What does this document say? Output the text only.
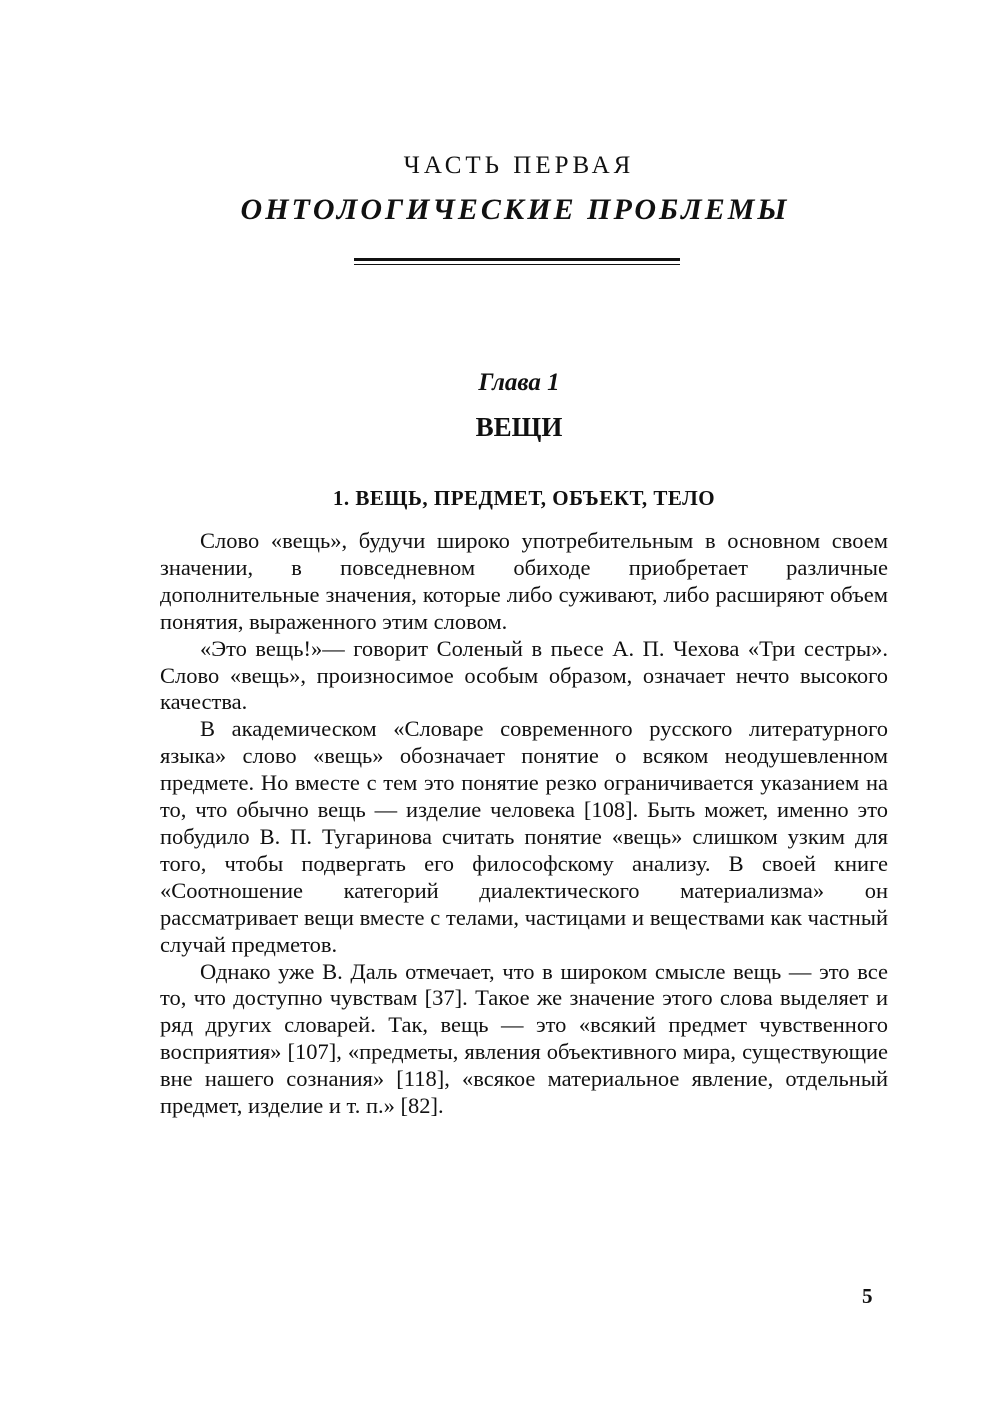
ЧАСТЬ ПЕРВАЯ
ОНТОЛОГИЧЕСКИЕ ПРОБЛЕМЫ
Глава 1
ВЕЩИ
1. ВЕЩЬ, ПРЕДМЕТ, ОБЪЕКТ, ТЕЛО

Слово «вещь», будучи широко употребительным в основном своем значении, в повседневном обиходе приобретает различные дополнительные значения, которые либо суживают, либо расширяют объем понятия, выраженного этим словом.

«Это вещь!»— говорит Соленый в пьесе А. П. Чехова «Три сестры». Слово «вещь», произносимое особым образом, означает нечто высокого качества.

В академическом «Словаре современного русского литературного языка» слово «вещь» обозначает понятие о всяком неодушевленном предмете. Но вместе с тем это понятие резко ограничивается указанием на то, что обычно вещь — изделие человека [108]. Быть может, именно это побудило В. П. Тугаринова считать понятие «вещь» слишком узким для того, чтобы подвергать его философскому анализу. В своей книге «Соотношение категорий диалектического материализма» он рассматривает вещи вместе с телами, частицами и веществами как частный случай предметов.

Однако уже В. Даль отмечает, что в широком смысле вещь — это все то, что доступно чувствам [37]. Такое же значение этого слова выделяет и ряд других словарей. Так, вещь — это «всякий предмет чувственного восприятия» [107], «предметы, явления объективного мира, существующие вне нашего сознания» [118], «всякое материальное явление, отдельный предмет, изделие и т. п.» [82].

5
